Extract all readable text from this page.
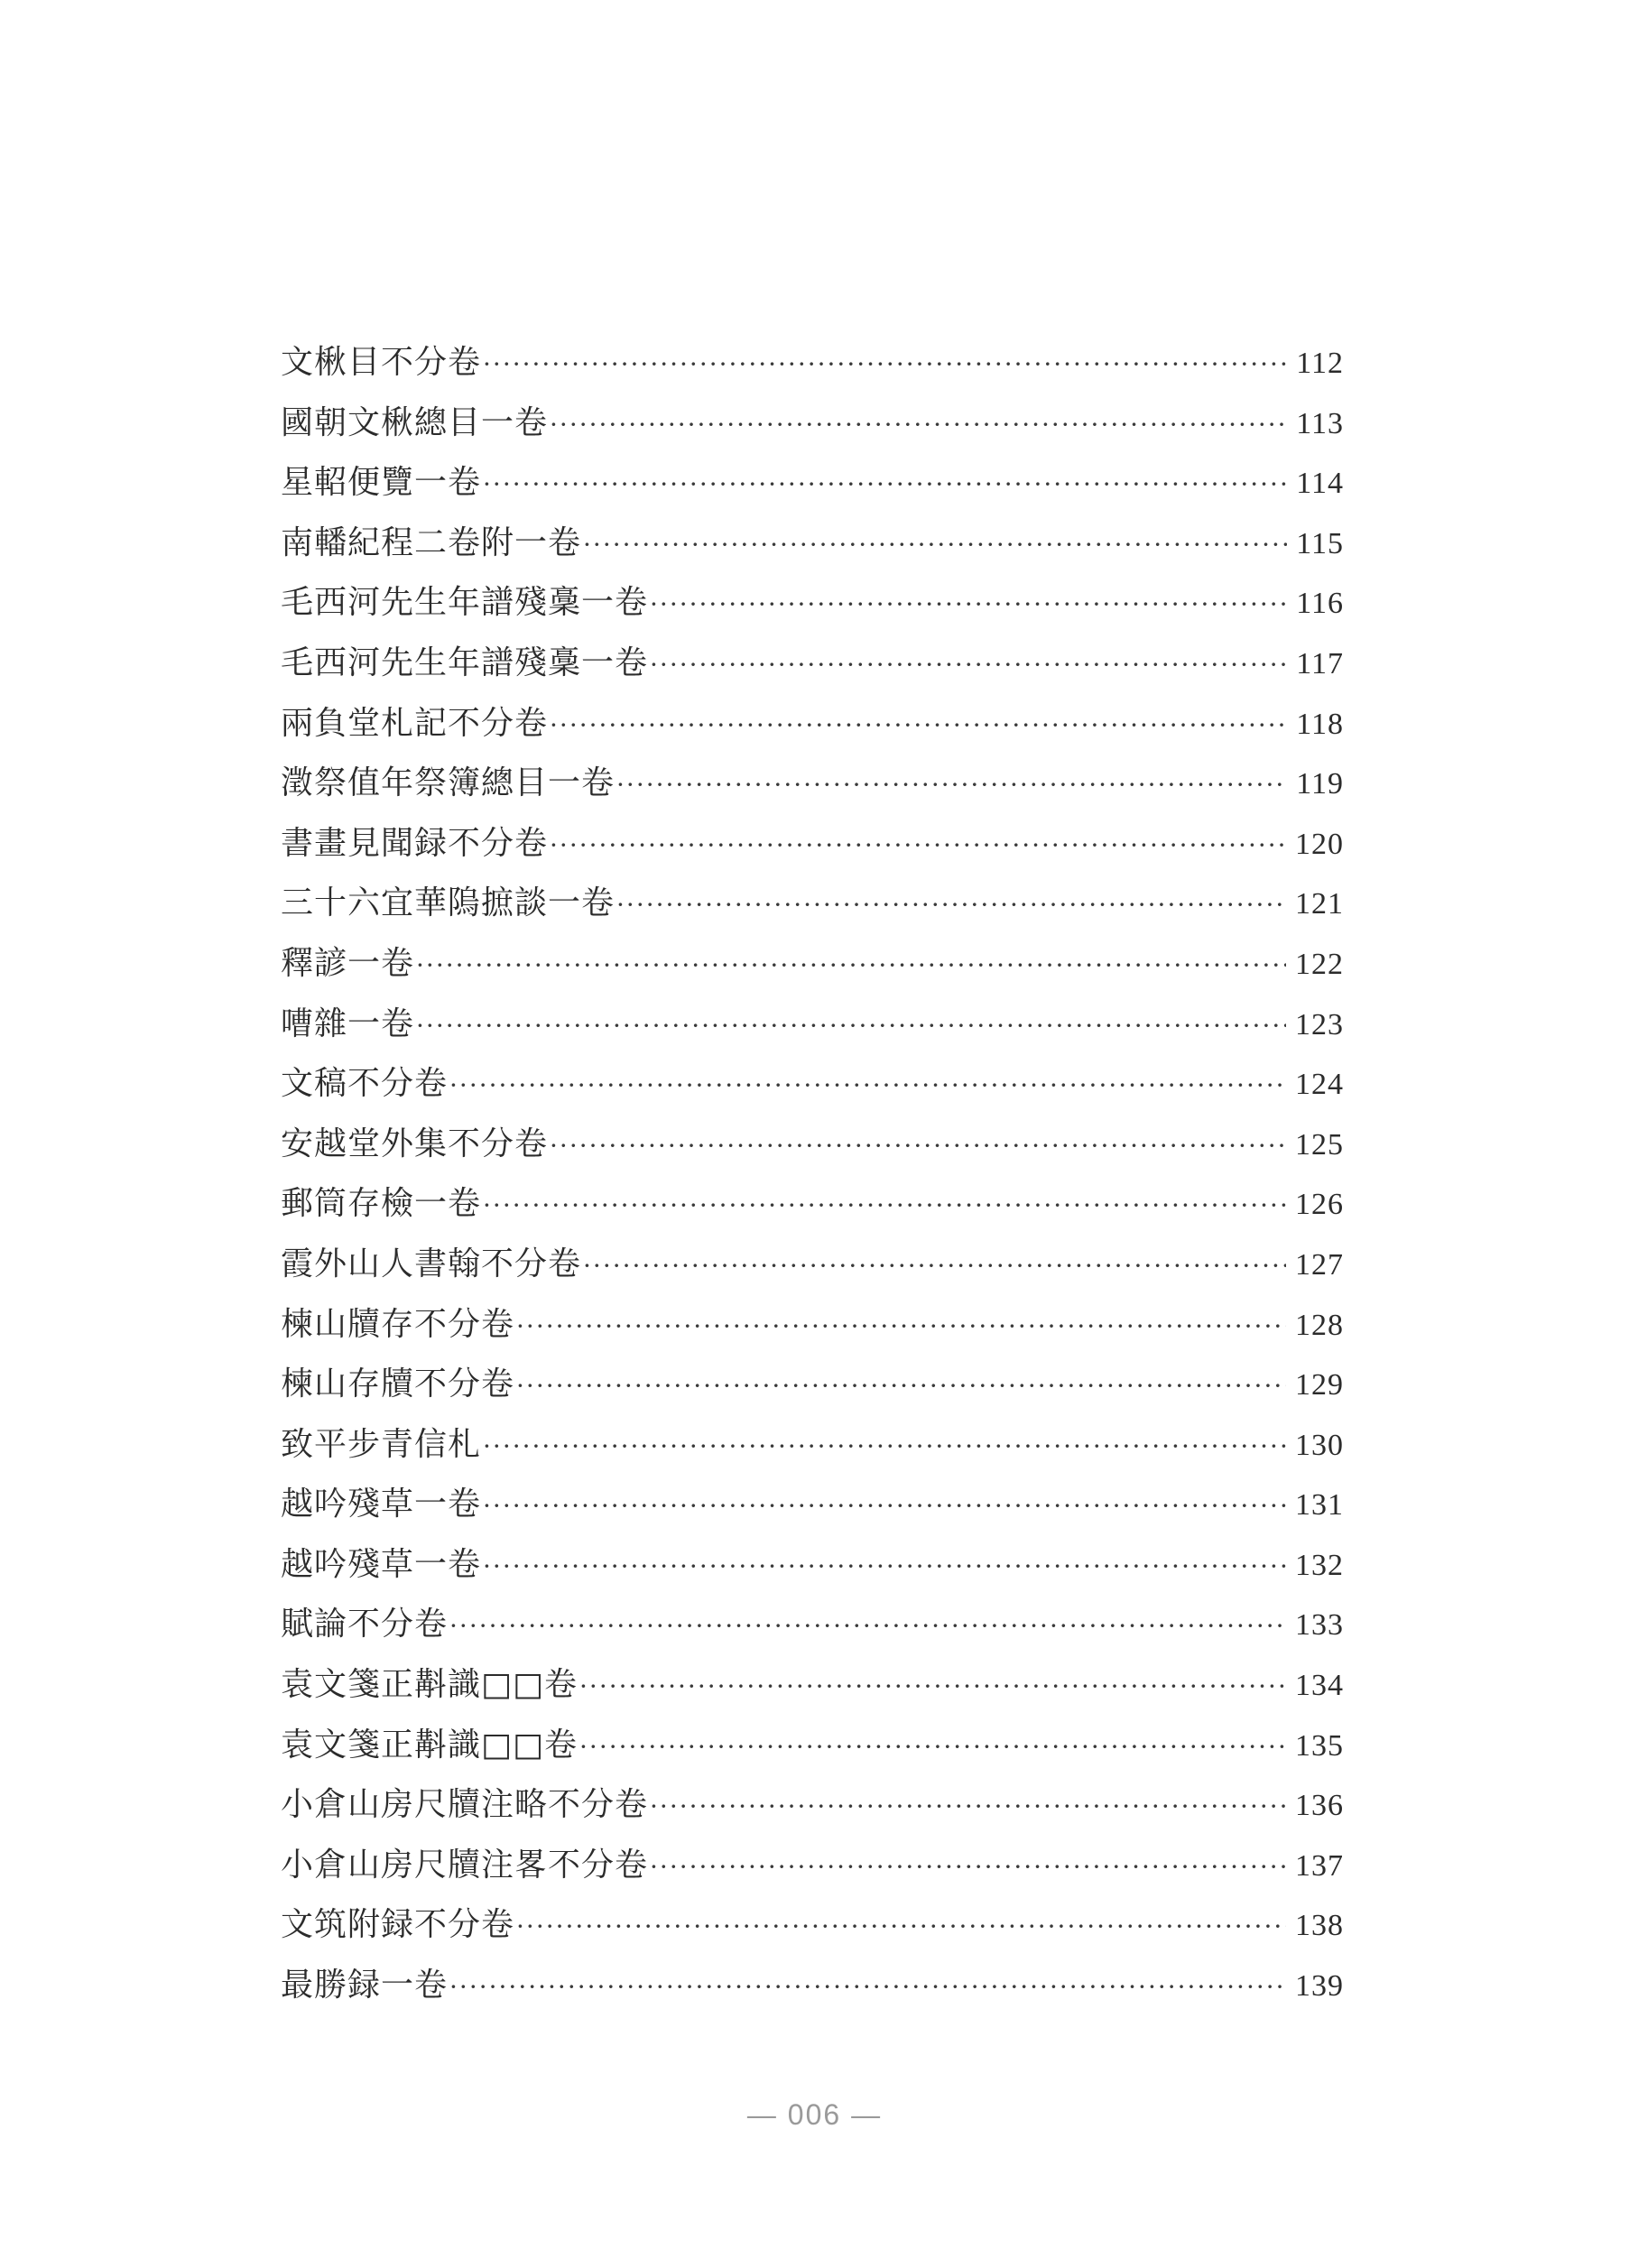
文楸目不分卷 ·····	112
國朝文楸總目一卷 ·····	113
星軺便覽一卷 ·····	114
南轓紀程二卷附一卷 ·····	115
毛西河先生年譜殘稾一卷 ·····	116
毛西河先生年譜殘稾一卷 ·····	117
兩負堂札記不分卷 ·····	118
澂祭值年祭簿總目一卷 ·····	119
書畫見聞録不分卷 ·····	120
三十六宜華隖摭談一卷 ·····	121
釋諺一卷 ·····	122
嘈雜一卷 ·····	123
文稿不分卷 ·····	124
安越堂外集不分卷 ·····	125
郵筒存檢一卷 ·····	126
霞外山人書翰不分卷 ·····	127
楝山牘存不分卷 ·····	128
楝山存牘不分卷 ·····	129
致平步青信札 ·····	130
越吟殘草一卷 ·····	131
越吟殘草一卷 ·····	132
賦論不分卷 ·····	133
袁文箋正斠識□□卷 ·····	134
袁文箋正斠識□□卷 ·····	135
小倉山房尺牘注略不分卷 ·····	136
小倉山房尺牘注畧不分卷 ·····	137
文筑附録不分卷 ·····	138
最勝録一卷 ·····	139
— 006 —
